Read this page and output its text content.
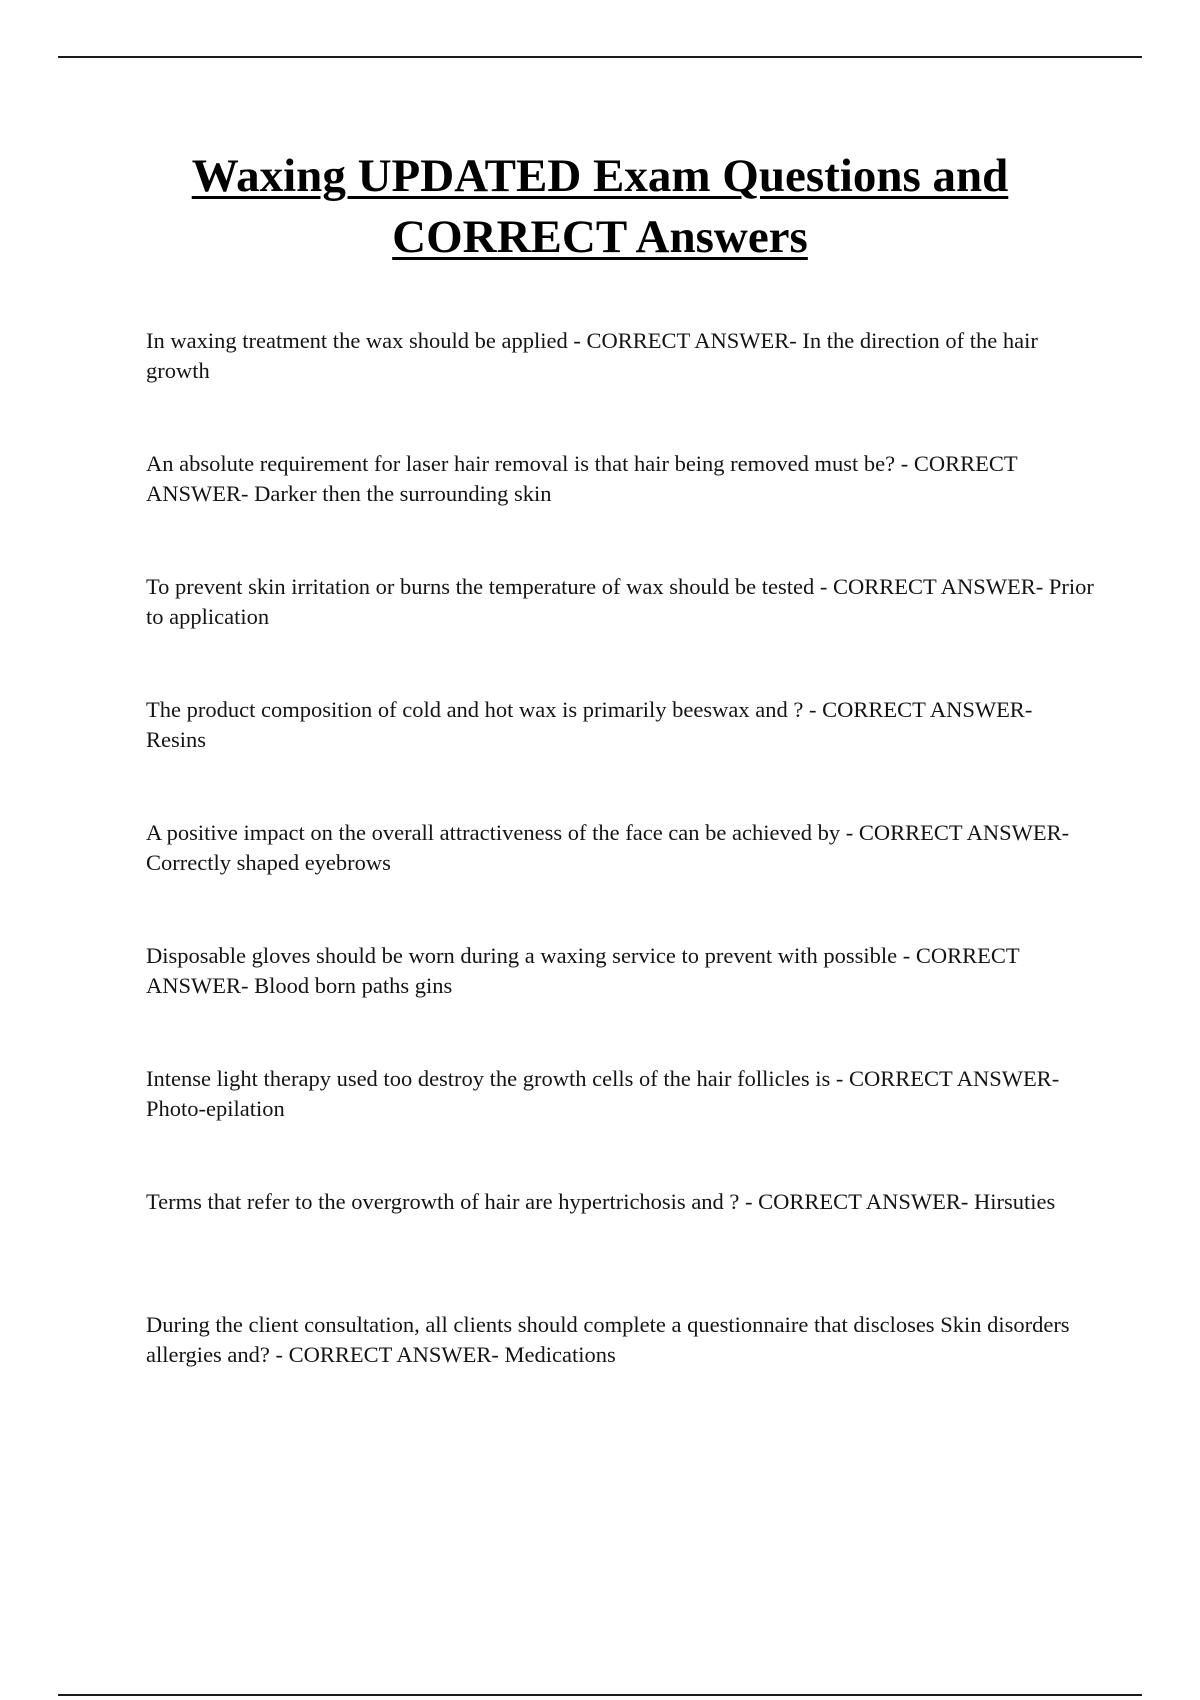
Waxing UPDATED Exam Questions and CORRECT Answers
In waxing treatment the wax should be applied - CORRECT ANSWER- In the direction of the hair growth
An absolute requirement for laser hair removal is that hair being removed must be? - CORRECT ANSWER- Darker then the surrounding skin
To prevent skin irritation or burns the temperature of wax should be tested - CORRECT ANSWER- Prior to application
The product composition of cold and hot wax is primarily beeswax and ? - CORRECT ANSWER- Resins
A positive impact on the overall attractiveness of the face can be achieved by - CORRECT ANSWER- Correctly shaped eyebrows
Disposable gloves should be worn during a waxing service to prevent with possible - CORRECT ANSWER- Blood born paths gins
Intense light therapy used too destroy the growth cells of the hair follicles is - CORRECT ANSWER- Photo-epilation
Terms that refer to the overgrowth of hair are hypertrichosis and ? - CORRECT ANSWER- Hirsuties
During the client consultation, all clients should complete a questionnaire that discloses Skin disorders allergies and? - CORRECT ANSWER- Medications
